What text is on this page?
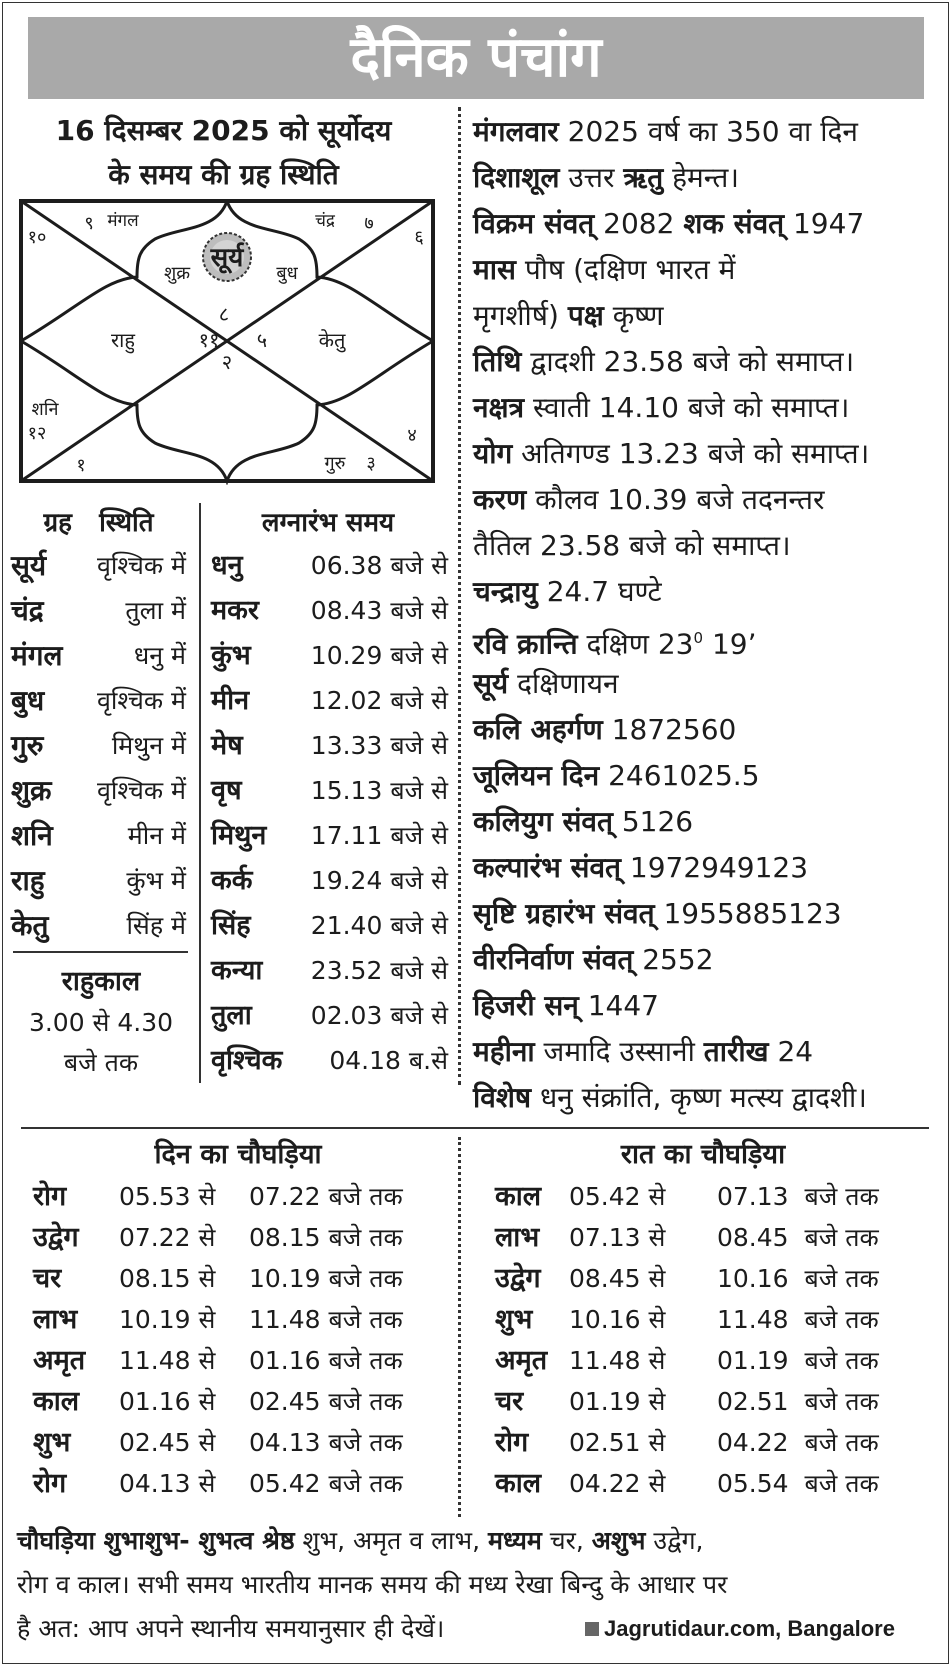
दैनिक पंचांग
16 दिसम्बर 2025 को सूर्योदय
के समय की ग्रह स्थिति
सूर्य
९
१०
११
१२
१
२
३
४
५
६
७
८
मंगल	चंद्र
शुक्र	बुध
राहु	केतु
शनि
गुरु
ग्रह   स्थिति
सूर्य वृश्चिक में
चंद्र	तुला में
मंगल	धनु में
बुध वृश्चिक में
गुरु	मिथुन में
शुक्र वृश्चिक में
शनि	मीन में
राहु	कुंभ में
केतु	सिंह में
राहुकाल
3.00 से 4.30
बजे तक
लग्नारंभ समय
धनु	06.38 बजे से
मकर 08.43 बजे से
कुंभ 10.29 बजे से
मीन 12.02 बजे से
मेष	13.33 बजे से
वृष	15.13 बजे से
मिथुन 17.11 बजे से
कर्क 19.24 बजे से
सिंह 21.40 बजे से
कन्या 23.52 बजे से
तुला 02.03 बजे से
वृश्चिक 04.18 ब.से
मंगलवार 2025 वर्ष का 350 वा दिन
दिशाशूल उत्तर ऋतु हेमन्त।
विक्रम संवत् 2082 शक संवत् 1947
मास पौष (दक्षिण भारत में
मृगशीर्ष) पक्ष कृष्ण
तिथि द्वादशी 23.58 बजे को समाप्त।
नक्षत्र स्वाती 14.10 बजे को समाप्त।
योग अतिगण्ड 13.23 बजे को समाप्त।
करण कौलव 10.39 बजे तदनन्तर
तैतिल 23.58 बजे को समाप्त।
चन्द्रायु 24.7 घण्टे
रवि क्रान्ति दक्षिण $23^0$ 19’
सूर्य दक्षिणायन
कलि अहर्गण 1872560
जूलियन दिन 2461025.5
कलियुग संवत् 5126
कल्पारंभ संवत् 1972949123
सृष्टि ग्रहारंभ संवत् 1955885123
वीरनिर्वाण संवत् 2552
हिजरी सन् 1447
महीना जमादि उस्सानी तारीख 24
विशेष धनु संक्रांति, कृष्ण मत्स्य द्वादशी।
दिन का चौघड़िया
रोग 05.53 से 07.22 बजे तक
उद्वेग 07.22 से 08.15 बजे तक
चर 08.15 से 10.19 बजे तक
लाभ 10.19 से 11.48 बजे तक
अमृत 11.48 से 01.16 बजे तक
काल 01.16 से 02.45 बजे तक
शुभ 02.45 से 04.13 बजे तक
रोग 04.13 से 05.42 बजे तक
रात का चौघड़िया
काल 05.42 से 07.13  बजे तक
लाभ 07.13 से 08.45  बजे तक
उद्वेग 08.45 से 10.16  बजे तक
शुभ 10.16 से 11.48  बजे तक
अमृत 11.48 से 01.19  बजे तक
चर 01.19 से 02.51  बजे तक
रोग 02.51 से 04.22  बजे तक
काल 04.22 से 05.54  बजे तक
चौघड़िया शुभाशुभ- शुभत्व श्रेष्ठ शुभ, अमृत व लाभ, मध्यम चर, अशुभ उद्वेग,
रोग व काल। सभी समय भारतीय मानक समय की मध्य रेखा बिन्दु के आधार पर
है अत: आप अपने स्थानीय समयानुसार ही देखें।	Jagrutidaur.com, Bangalore
